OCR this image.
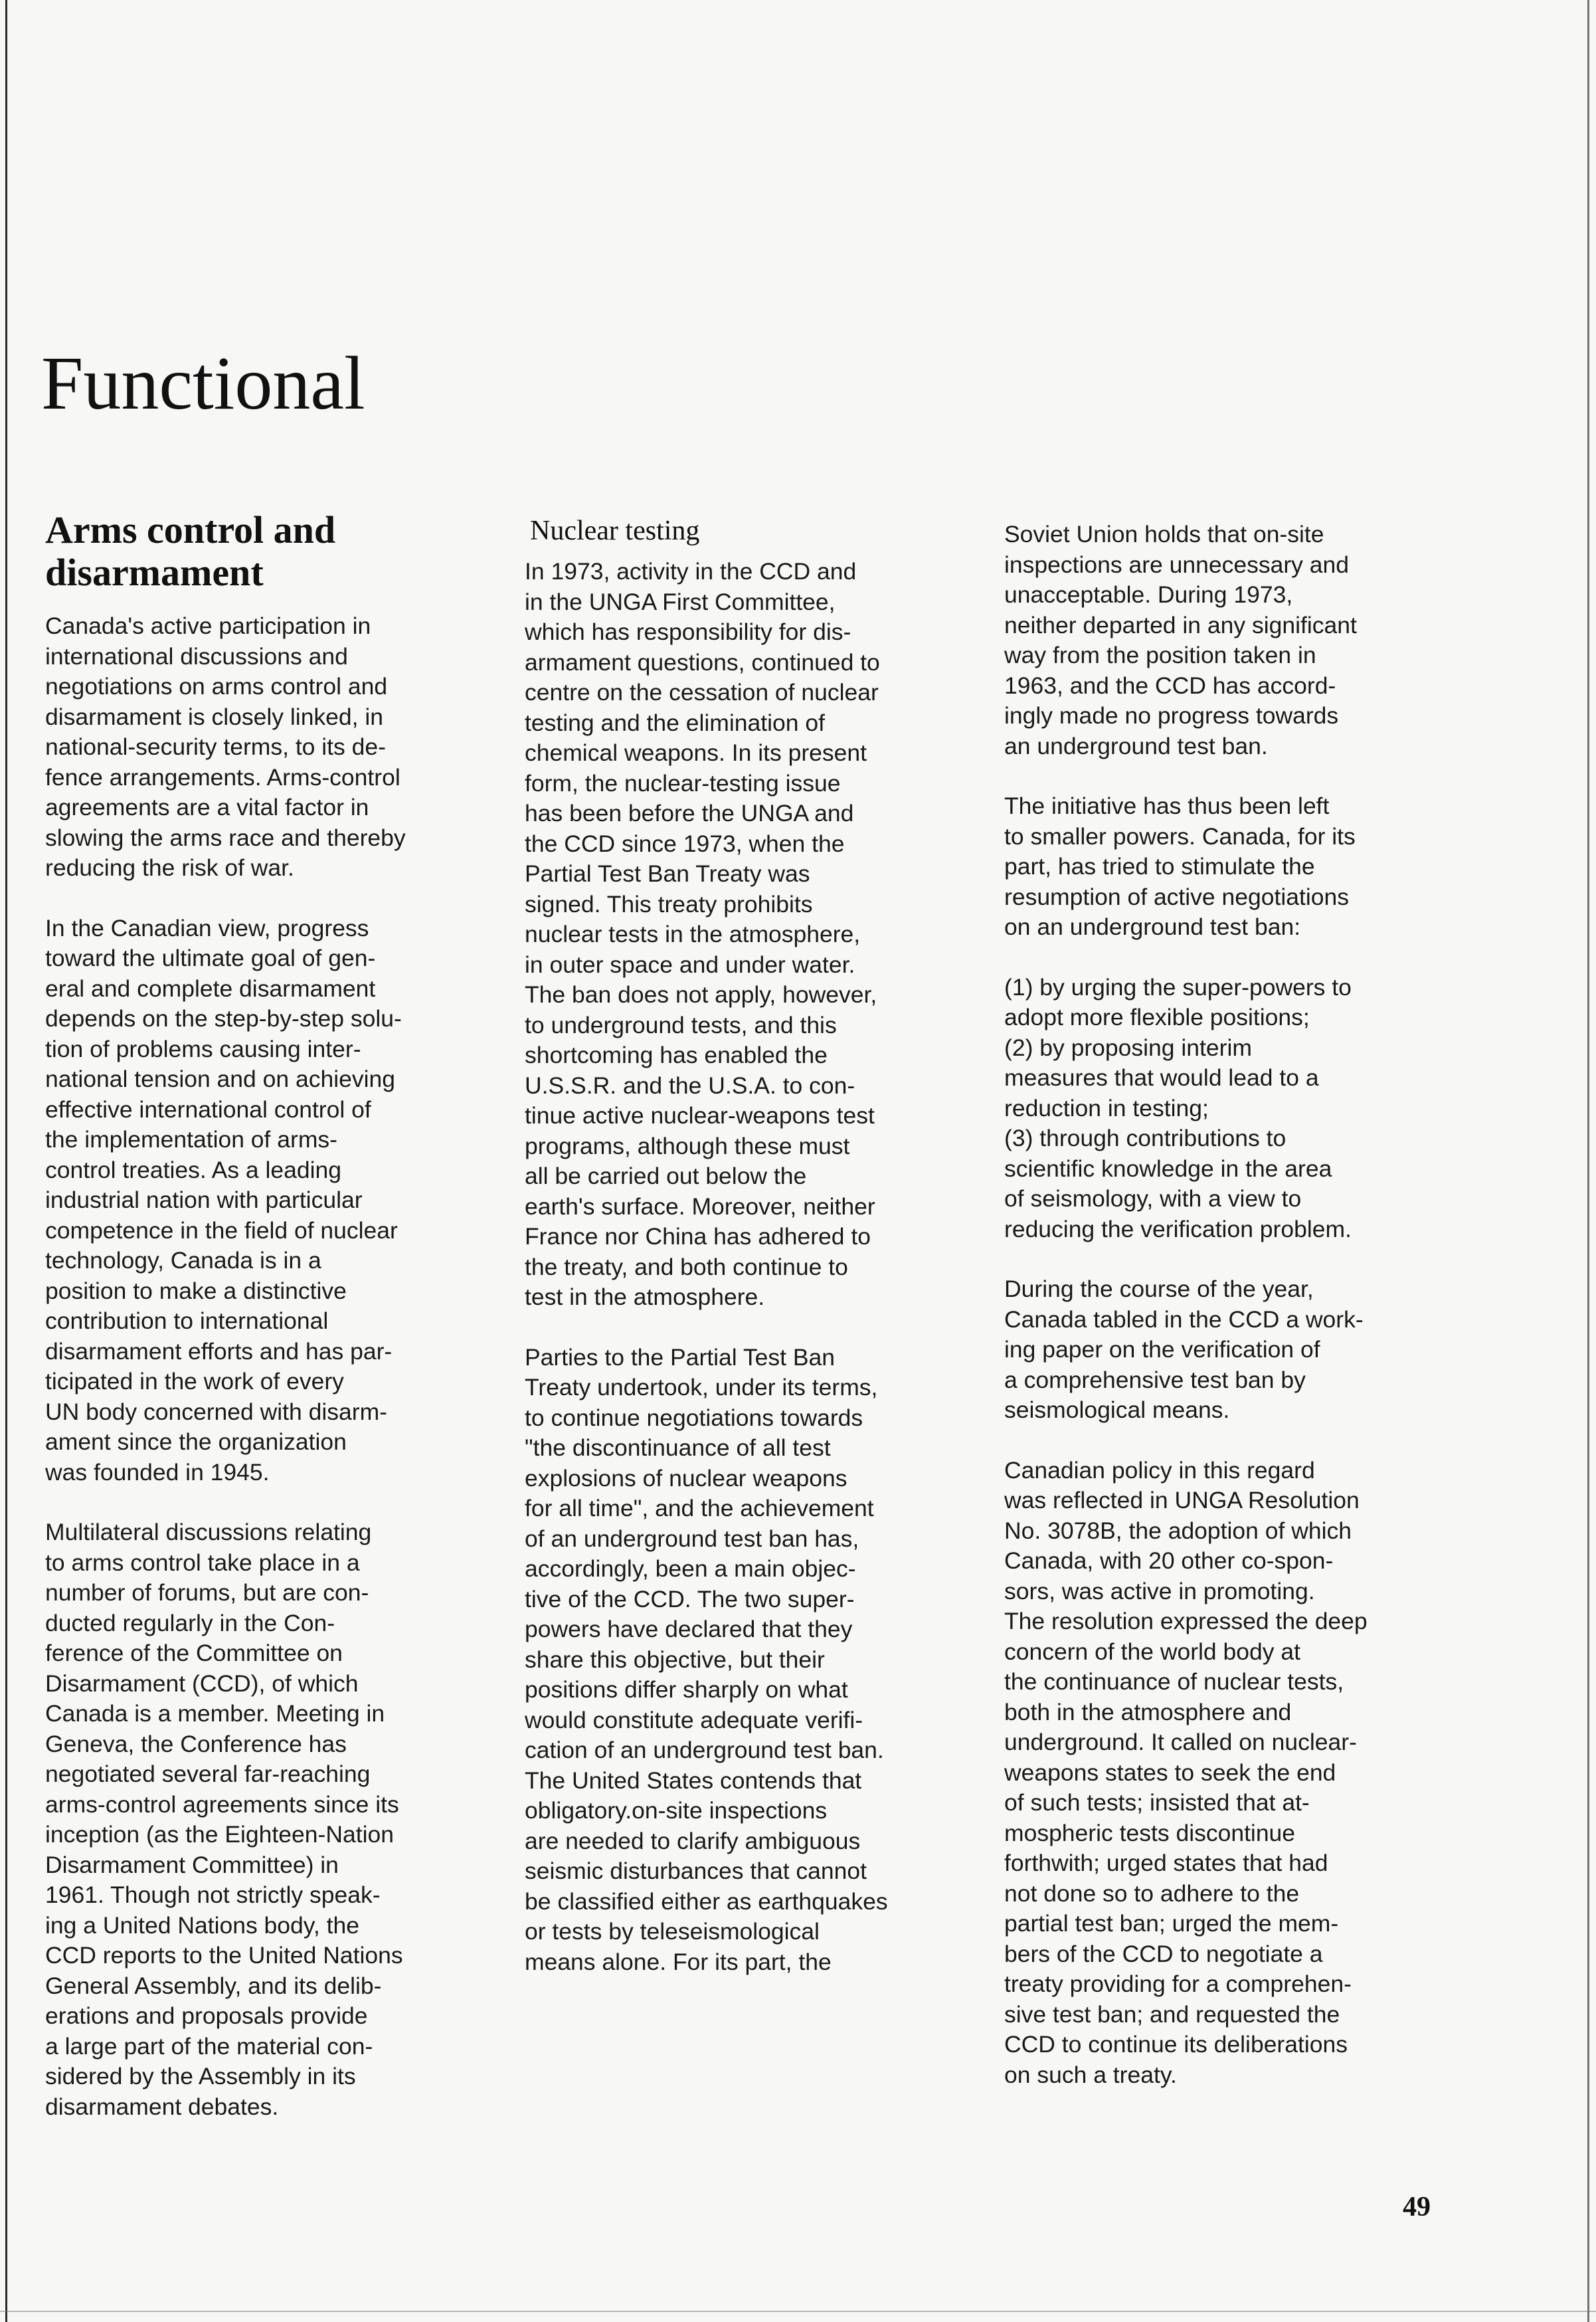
Functional
Arms control and disarmament

Canada's active participation in
international discussions and
negotiations on arms control and
disarmament is closely linked, in
national-security terms, to its de-
fence arrangements. Arms-control
agreements are a vital factor in
slowing the arms race and thereby
reducing the risk of war.

In the Canadian view, progress
toward the ultimate goal of gen-
eral and complete disarmament
depends on the step-by-step solu-
tion of problems causing inter-
national tension and on achieving
effective international control of
the implementation of arms-
control treaties. As a leading
industrial nation with particular
competence in the field of nuclear
technology, Canada is in a
position to make a distinctive
contribution to international
disarmament efforts and has par-
ticipated in the work of every
UN body concerned with disarm-
ament since the organization
was founded in 1945.

Multilateral discussions relating
to arms control take place in a
number of forums, but are con-
ducted regularly in the Con-
ference of the Committee on
Disarmament (CCD), of which
Canada is a member. Meeting in
Geneva, the Conference has
negotiated several far-reaching
arms-control agreements since its
inception (as the Eighteen-Nation
Disarmament Committee) in
1961. Though not strictly speak-
ing a United Nations body, the
CCD reports to the United Nations
General Assembly, and its delib-
erations and proposals provide
a large part of the material con-
sidered by the Assembly in its
disarmament debates.

Nuclear testing

In 1973, activity in the CCD and
in the UNGA First Committee,
which has responsibility for dis-
armament questions, continued to
centre on the cessation of nuclear
testing and the elimination of
chemical weapons. In its present
form, the nuclear-testing issue
has been before the UNGA and
the CCD since 1973, when the
Partial Test Ban Treaty was
signed. This treaty prohibits
nuclear tests in the atmosphere,
in outer space and under water.
The ban does not apply, however,
to underground tests, and this
shortcoming has enabled the
U.S.S.R. and the U.S.A. to con-
tinue active nuclear-weapons test
programs, although these must
all be carried out below the
earth's surface. Moreover, neither
France nor China has adhered to
the treaty, and both continue to
test in the atmosphere.

Parties to the Partial Test Ban
Treaty undertook, under its terms,
to continue negotiations towards
"the discontinuance of all test
explosions of nuclear weapons
for all time", and the achievement
of an underground test ban has,
accordingly, been a main objec-
tive of the CCD. The two super-
powers have declared that they
share this objective, but their
positions differ sharply on what
would constitute adequate verifi-
cation of an underground test ban.
The United States contends that
obligatory.on-site inspections
are needed to clarify ambiguous
seismic disturbances that cannot
be classified either as earthquakes
or tests by teleseismological
means alone. For its part, the

Soviet Union holds that on-site
inspections are unnecessary and
unacceptable. During 1973,
neither departed in any significant
way from the position taken in
1963, and the CCD has accord-
ingly made no progress towards
an underground test ban.

The initiative has thus been left
to smaller powers. Canada, for its
part, has tried to stimulate the
resumption of active negotiations
on an underground test ban:

(1) by urging the super-powers to
adopt more flexible positions;
(2) by proposing interim
measures that would lead to a
reduction in testing;
(3) through contributions to
scientific knowledge in the area
of seismology, with a view to
reducing the verification problem.

During the course of the year,
Canada tabled in the CCD a work-
ing paper on the verification of
a comprehensive test ban by
seismological means.

Canadian policy in this regard
was reflected in UNGA Resolution
No. 3078B, the adoption of which
Canada, with 20 other co-spon-
sors, was active in promoting.
The resolution expressed the deep
concern of the world body at
the continuance of nuclear tests,
both in the atmosphere and
underground. It called on nuclear-
weapons states to seek the end
of such tests; insisted that at-
mospheric tests discontinue
forthwith; urged states that had
not done so to adhere to the
partial test ban; urged the mem-
bers of the CCD to negotiate a
treaty providing for a comprehen-
sive test ban; and requested the
CCD to continue its deliberations
on such a treaty.

49
